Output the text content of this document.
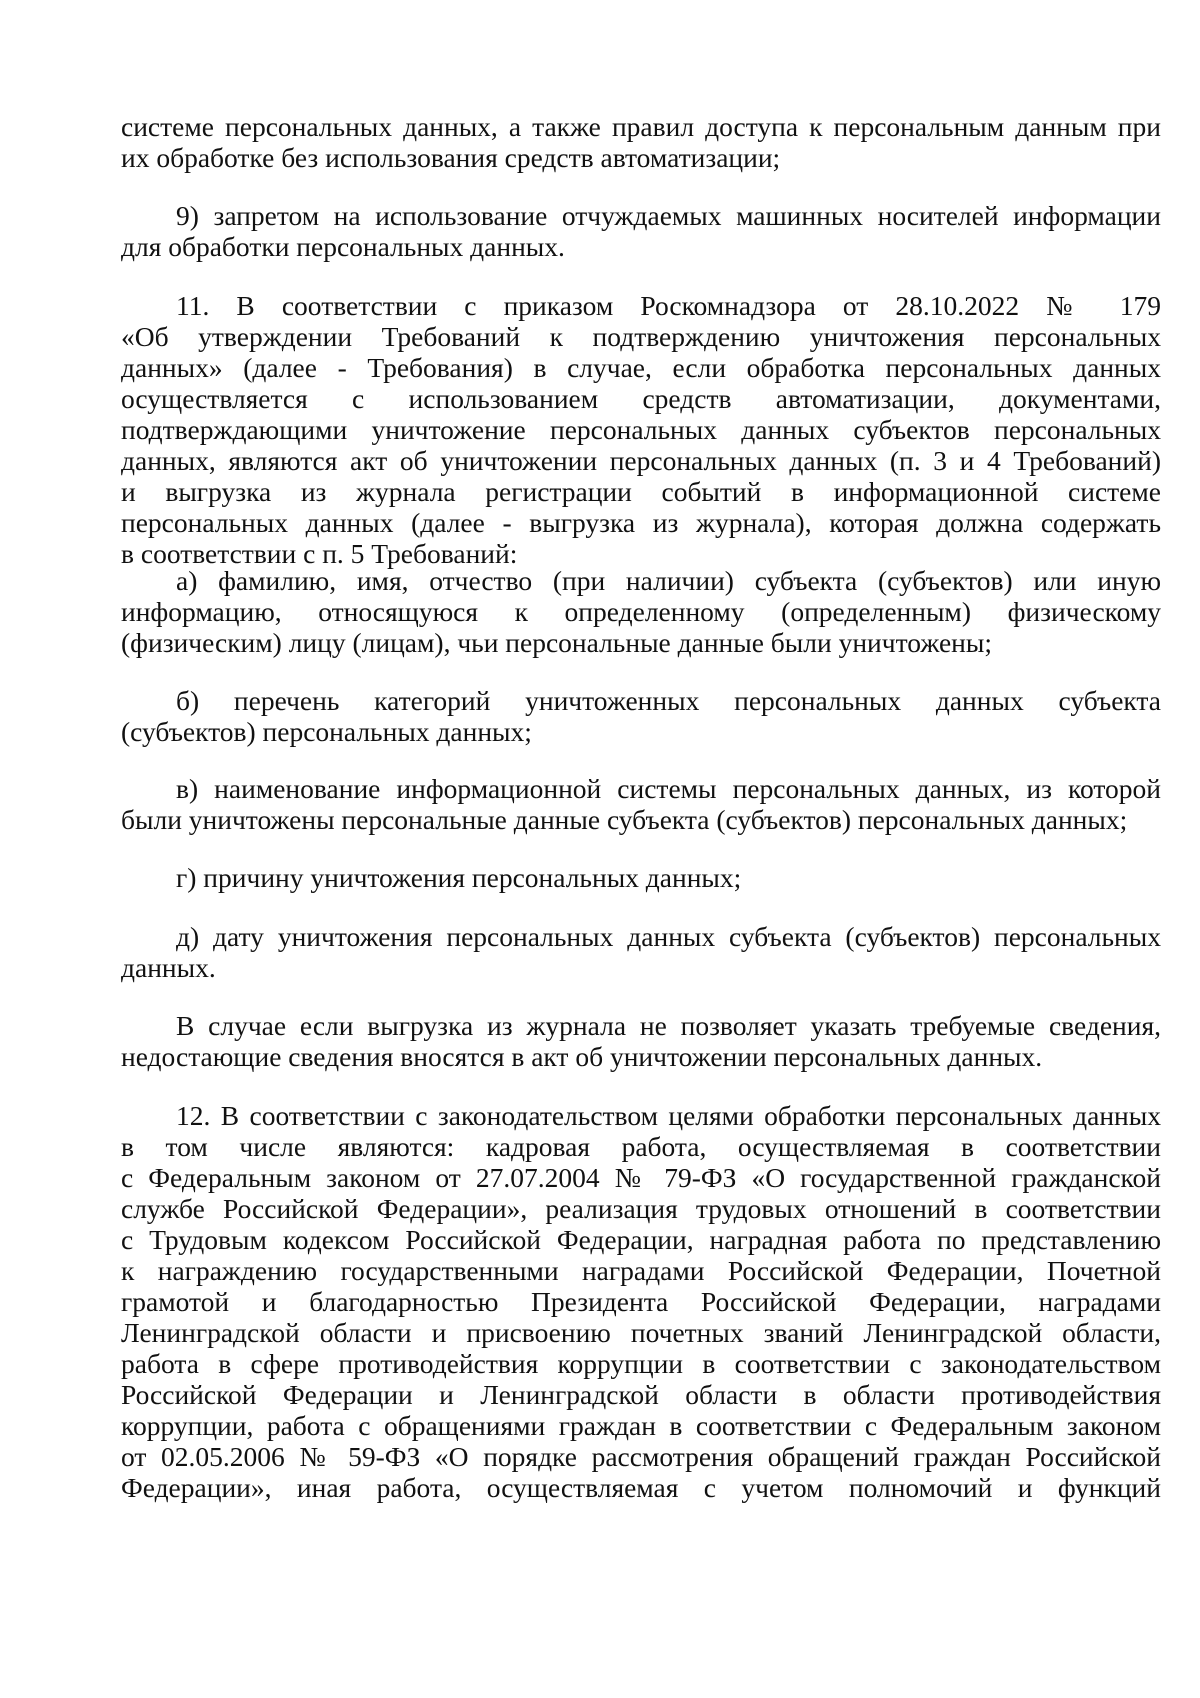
системе персональных данных, а также правил доступа к персональным данным при
их обработке без использования средств автоматизации;
9) запретом на использование отчуждаемых машинных носителей информации
для обработки персональных данных.
11. В соответствии с приказом Роскомнадзора от 28.10.2022 № 179
«Об утверждении Требований к подтверждению уничтожения персональных
данных» (далее - Требования) в случае, если обработка персональных данных
осуществляется с использованием средств автоматизации, документами,
подтверждающими уничтожение персональных данных субъектов персональных
данных, являются акт об уничтожении персональных данных (п. 3 и 4 Требований)
и выгрузка из журнала регистрации событий в информационной системе
персональных данных (далее - выгрузка из журнала), которая должна содержать
в соответствии с п. 5 Требований:
а) фамилию, имя, отчество (при наличии) субъекта (субъектов) или иную
информацию, относящуюся к определенному (определенным) физическому
(физическим) лицу (лицам), чьи персональные данные были уничтожены;
б) перечень категорий уничтоженных персональных данных субъекта
(субъектов) персональных данных;
в) наименование информационной системы персональных данных, из которой
были уничтожены персональные данные субъекта (субъектов) персональных данных;
г) причину уничтожения персональных данных;
д) дату уничтожения персональных данных субъекта (субъектов) персональных
данных.
В случае если выгрузка из журнала не позволяет указать требуемые сведения,
недостающие сведения вносятся в акт об уничтожении персональных данных.
12. В соответствии с законодательством целями обработки персональных данных
в том числе являются: кадровая работа, осуществляемая в соответствии
с Федеральным законом от 27.07.2004 № 79-ФЗ «О государственной гражданской
службе Российской Федерации», реализация трудовых отношений в соответствии
с Трудовым кодексом Российской Федерации, наградная работа по представлению
к награждению государственными наградами Российской Федерации, Почетной
грамотой и благодарностью Президента Российской Федерации, наградами
Ленинградской области и присвоению почетных званий Ленинградской области,
работа в сфере противодействия коррупции в соответствии с законодательством
Российской Федерации и Ленинградской области в области противодействия
коррупции, работа с обращениями граждан в соответствии с Федеральным законом
от 02.05.2006 № 59-ФЗ «О порядке рассмотрения обращений граждан Российской
Федерации», иная работа, осуществляемая с учетом полномочий и функций
